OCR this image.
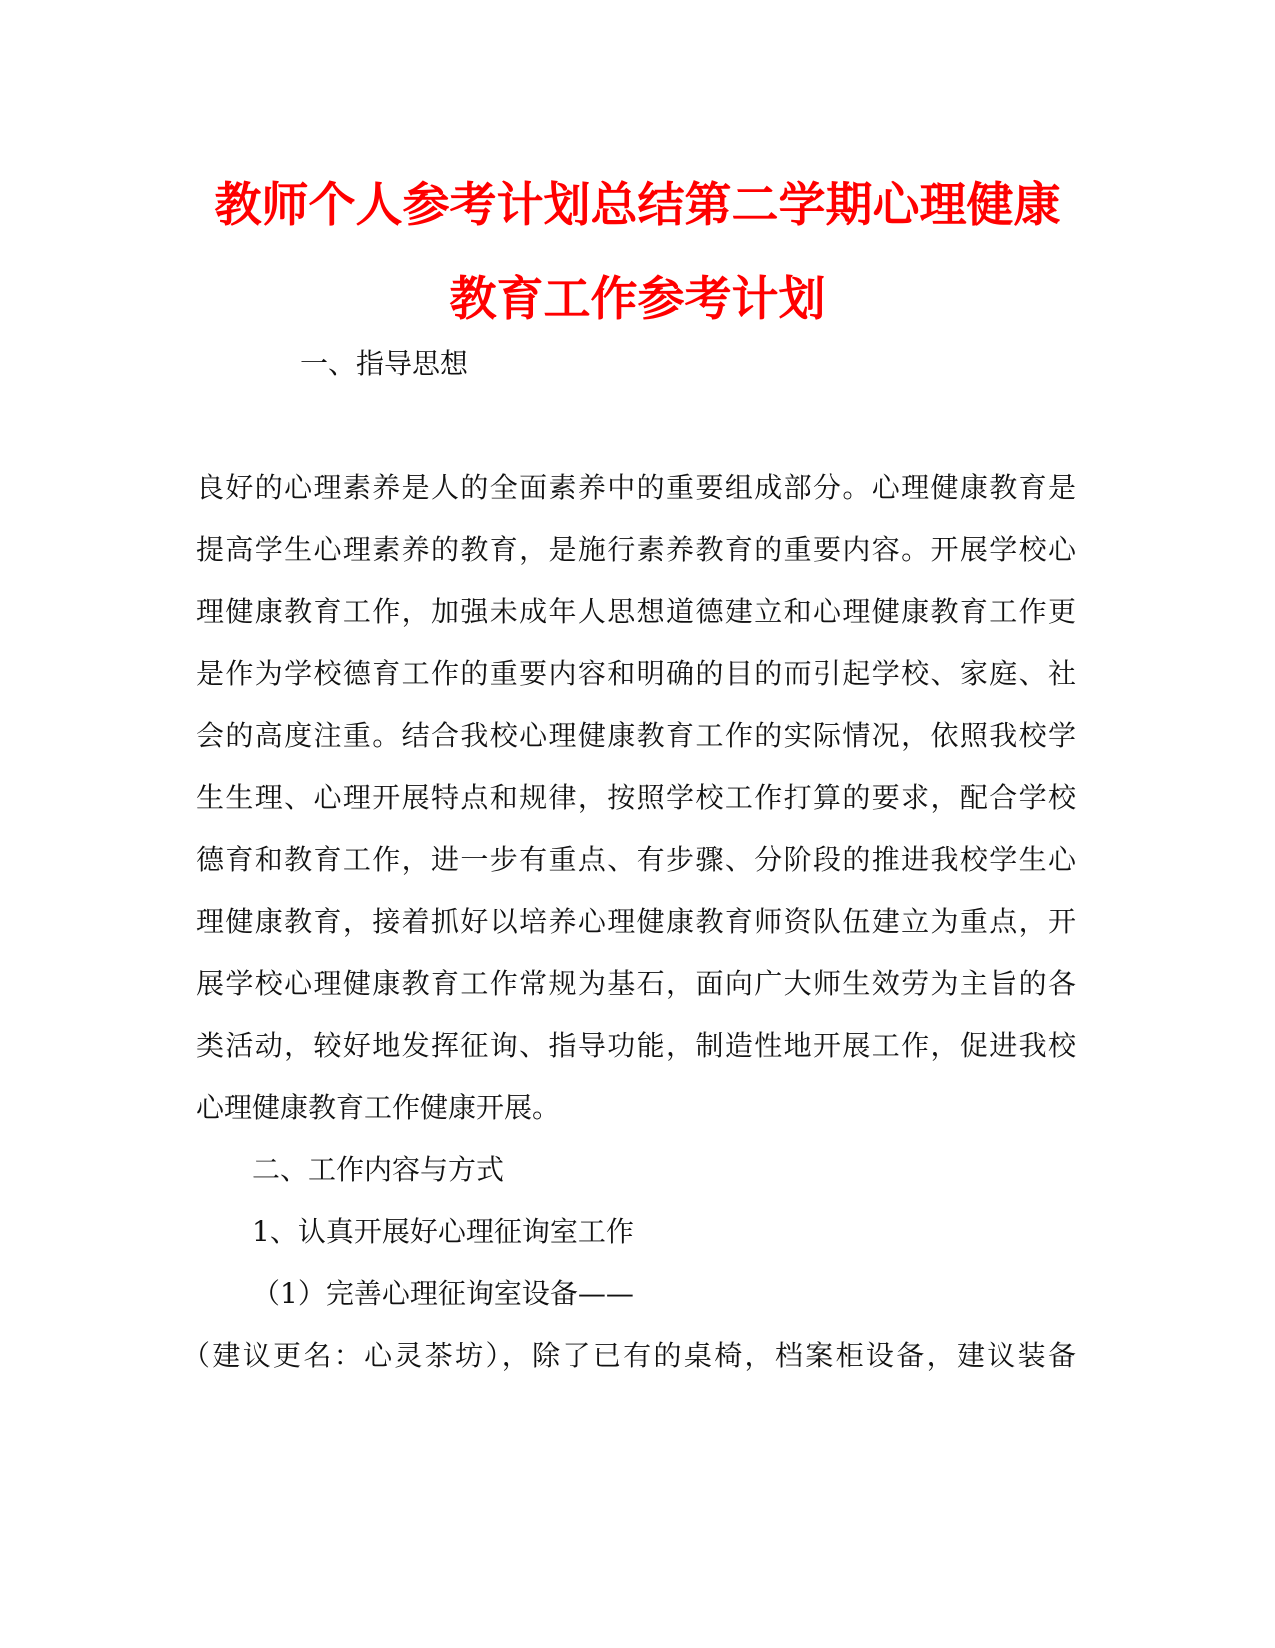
教师个人参考计划总结第二学期心理健康
教育工作参考计划
一、指导思想
良好的心理素养是人的全面素养中的重要组成部分。心理健康教育是
提高学生心理素养的教育，是施行素养教育的重要内容。开展学校心
理健康教育工作，加强未成年人思想道德建立和心理健康教育工作更
是作为学校德育工作的重要内容和明确的目的而引起学校、家庭、社
会的高度注重。结合我校心理健康教育工作的实际情况，依照我校学
生生理、心理开展特点和规律，按照学校工作打算的要求，配合学校
德育和教育工作，进一步有重点、有步骤、分阶段的推进我校学生心
理健康教育，接着抓好以培养心理健康教育师资队伍建立为重点，开
展学校心理健康教育工作常规为基石，面向广大师生效劳为主旨的各
类活动，较好地发挥征询、指导功能，制造性地开展工作，促进我校
心理健康教育工作健康开展。
二、工作内容与方式
1、认真开展好心理征询室工作
（1）完善心理征询室设备——
（建议更名：心灵茶坊），除了已有的桌椅，档案柜设备，建议装备
